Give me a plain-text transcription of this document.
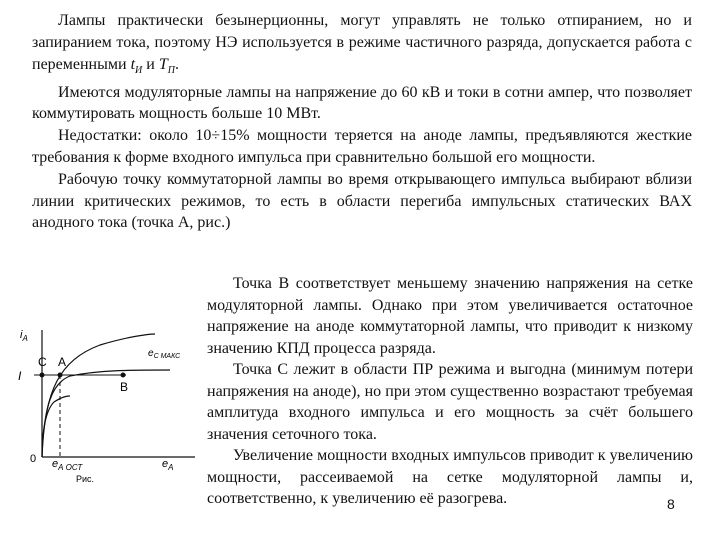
Лампы практически безынерционны, могут управлять не только отпиранием, но и запиранием тока, поэтому НЭ используется в режиме частичного разряда, допускается работа с переменными $t_И$ и $T_П$.

Имеются модуляторные лампы на напряжение до 60 кВ и токи в сотни ампер, что позволяет коммутировать мощность больше 10 МВт.

Недостатки: около 10÷15% мощности теряется на аноде лампы, предъявляются жесткие требования к форме входного импульса при сравнительно большой его мощности.

Рабочую точку коммутаторной лампы во время открывающего импульса выбирают вблизи линии критических режимов, то есть в области перегиба импульсных статических ВАХ анодного тока (точка А, рис.)

$i_А$
I
$e_{С МАКС}$
С А
В
0 $e_{А ОСТ}$	$e_А$
Рис.

Точка В соответствует меньшему значению напряжения на сетке модуляторной лампы. Однако при этом увеличивается остаточное напряжение на аноде коммутаторной лампы, что приводит к низкому значению КПД процесса разряда.

Точка С лежит в области ПР режима и выгодна (минимум потери напряжения на аноде), но при этом существенно возрастают требуемая амплитуда входного импульса и его мощность за счёт большего значения сеточного тока.

Увеличение мощности входных импульсов приводит к увеличению мощности, рассеиваемой на сетке модуляторной лампы и, соответственно, к увеличению её разогрева.	8
